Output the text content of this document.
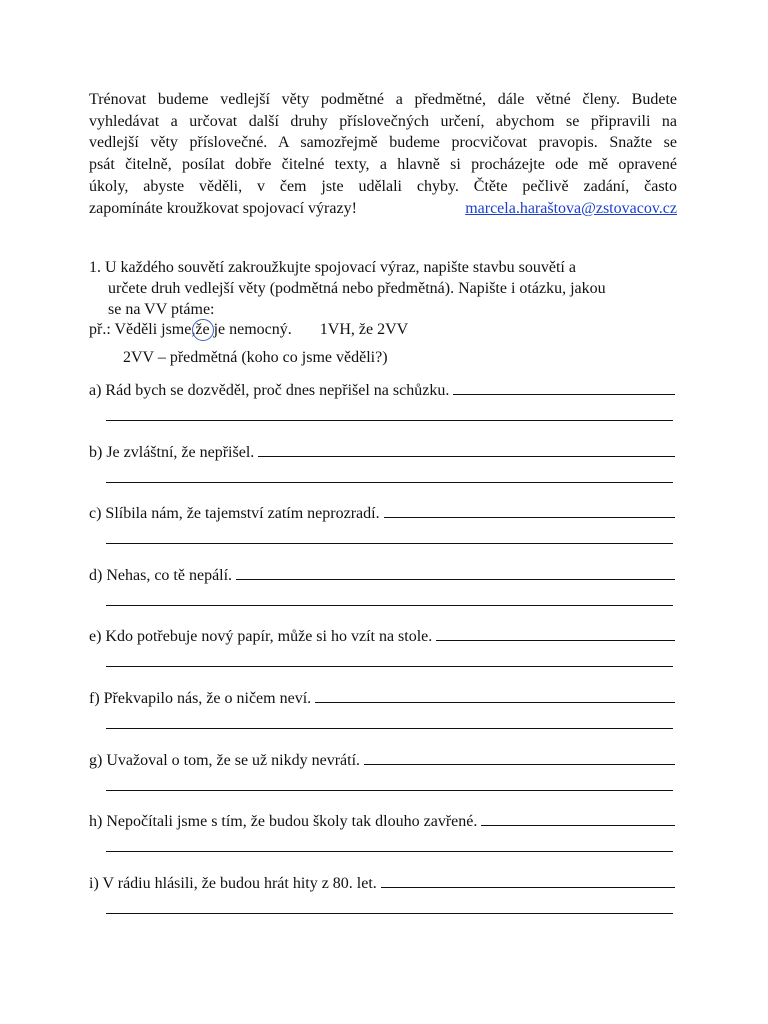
Trénovat budeme vedlejší věty podmětné a předmětné, dále větné členy. Budete
vyhledávat a určovat další druhy příslovečných určení, abychom se připravili na
vedlejší věty příslovečné. A samozřejmě budeme procvičovat pravopis. Snažte se
psát čitelně, posílat dobře čitelné texty, a hlavně si procházejte ode mě opravené
úkoly, abyste věděli, v čem jste udělali chyby. Čtěte pečlivě zadání, často
zapomínáte kroužkovat spojovací výrazy!	marcela.haraštova@zstovacov.cz
1. U každého souvětí zakroužkujte spojovací výraz, napište stavbu souvětí a
určete druh vedlejší věty (podmětná nebo předmětná). Napište i otázku, jakou
se na VV ptáme:
př.: Věděli jsme,že je nemocný. 1VH, že 2VV
2VV – předmětná (koho co jsme věděli?)
a) Rád bych se dozvěděl, proč dnes nepřišel na schůzku.
b) Je zvláštní, že nepřišel.
c) Slíbila nám, že tajemství zatím neprozradí.
d) Nehas, co tě nepálí.
e) Kdo potřebuje nový papír, může si ho vzít na stole.
f) Překvapilo nás, že o ničem neví.
g) Uvažoval o tom, že se už nikdy nevrátí.
h) Nepočítali jsme s tím, že budou školy tak dlouho zavřené.
i) V rádiu hlásili, že budou hrát hity z 80. let.
